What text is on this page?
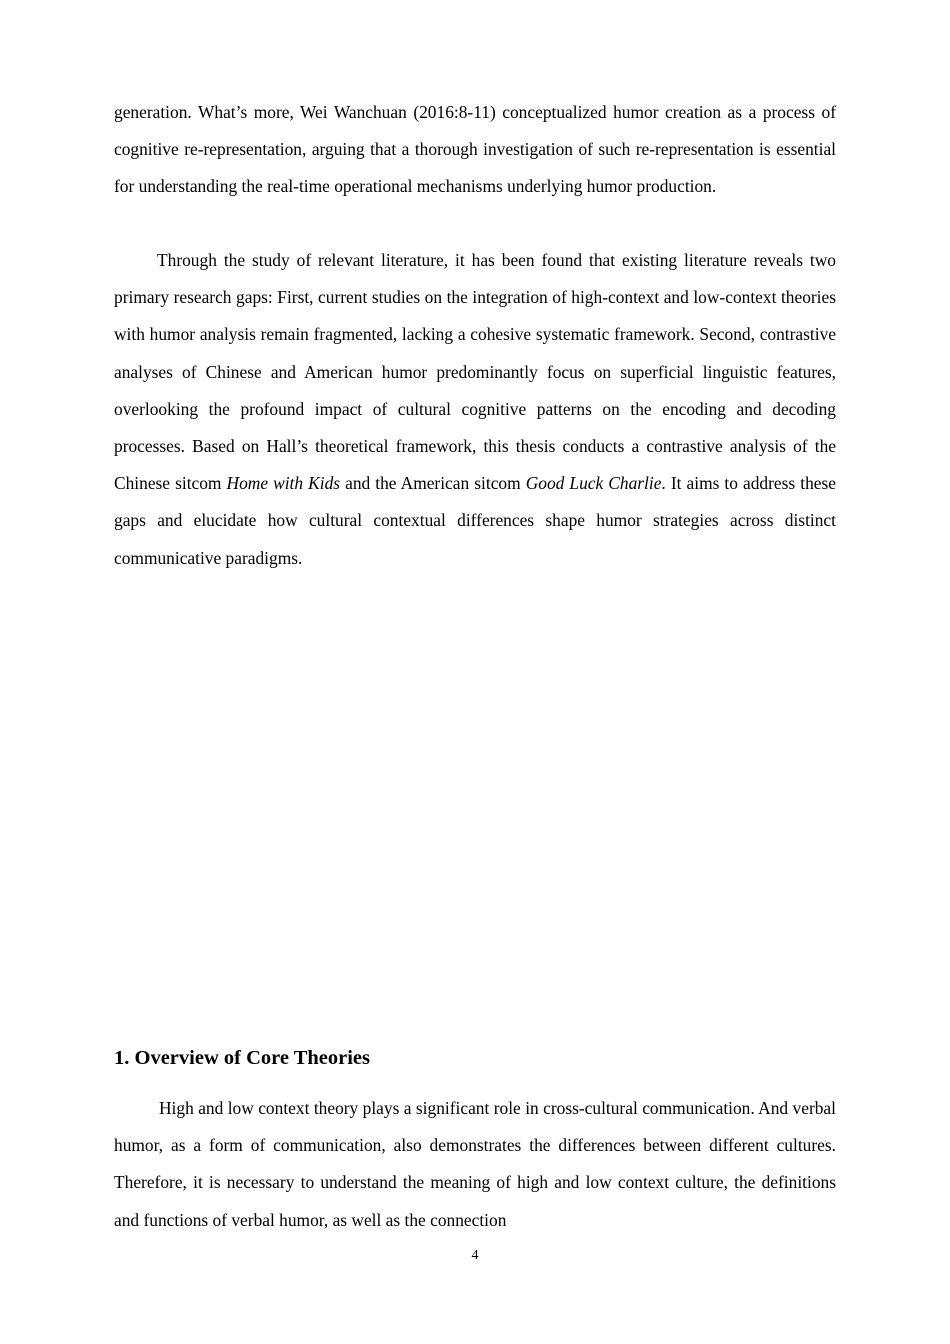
generation. What’s more, Wei Wanchuan (2016:8-11) conceptualized humor creation as a process of cognitive re-representation, arguing that a thorough investigation of such re-representation is essential for understanding the real-time operational mechanisms underlying humor production.

Through the study of relevant literature, it has been found that existing literature reveals two primary research gaps: First, current studies on the integration of high-context and low-context theories with humor analysis remain fragmented, lacking a cohesive systematic framework. Second, contrastive analyses of Chinese and American humor predominantly focus on superficial linguistic features, overlooking the profound impact of cultural cognitive patterns on the encoding and decoding processes. Based on Hall’s theoretical framework, this thesis conducts a contrastive analysis of the Chinese sitcom Home with Kids and the American sitcom Good Luck Charlie. It aims to address these gaps and elucidate how cultural contextual differences shape humor strategies across distinct communicative paradigms.

1. Overview of Core Theories

High and low context theory plays a significant role in cross-cultural communication. And verbal humor, as a form of communication, also demonstrates the differences between different cultures. Therefore, it is necessary to understand the meaning of high and low context culture, the definitions and functions of verbal humor, as well as the connection

4
